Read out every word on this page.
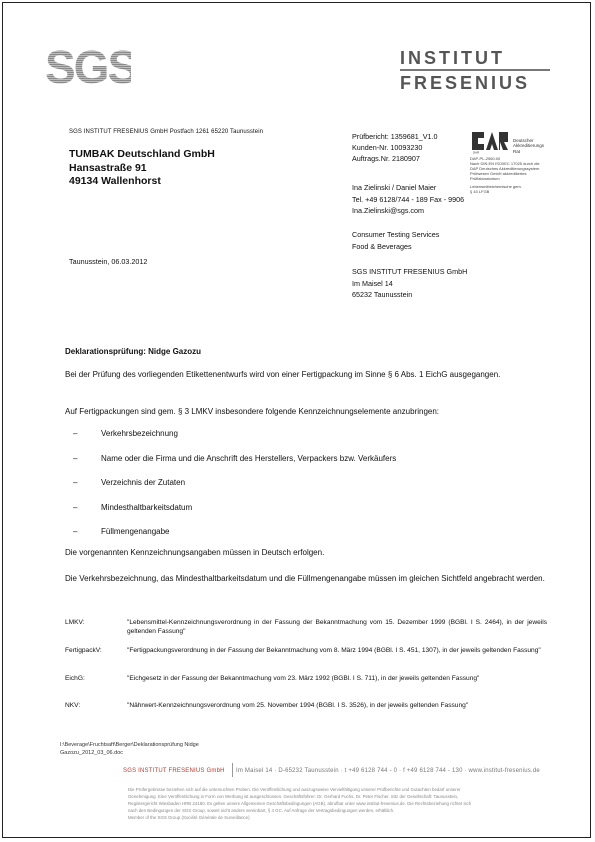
SGS	INSTITUT
FRESENIUS
SGS INSTITUT FRESENIUS GmbH Postfach 1261 65220 Taunusstein
TUMBAK Deutschland GmbH
Hansastraße 91
49134 Wallenhorst
Prüfbericht: 1359681_V1.0
Kunden-Nr. 10093230
Auftrags.Nr. 2180907
DAR
Deutscher
Akkreditierungs
Rat
DAP-PL-2560.00
Nach DIN EN ISO/IEC 17025 durch die
DAP Deutsches Akkreditierungssystem
Prüfwesen GmbH akkreditiertes
Prüflaboratorium
Lebensmittelchemische gem.
§ 43 LFGB
Ina Zielinski / Daniel Maier
Tel. +49 6128/744 - 189 Fax - 9906
Ina.Zielinski@sgs.com
Consumer Testing Services
Food & Beverages
SGS INSTITUT FRESENIUS GmbH
Im Maisel 14
65232 Taunusstein
Taunusstein, 06.03.2012
Deklarationsprüfung: Nidge Gazozu
Bei der Prüfung des vorliegenden Etikettenentwurfs wird von einer Fertigpackung im Sinne § 6 Abs. 1 EichG ausgegangen.
Auf Fertigpackungen sind gem. § 3 LMKV insbesondere folgende Kennzeichnungselemente anzubringen:
–	Verkehrsbezeichnung
–	Name oder die Firma und die Anschrift des Herstellers, Verpackers bzw. Verkäufers
–	Verzeichnis der Zutaten
–	Mindesthaltbarkeitsdatum
–	Füllmengenangabe
Die vorgenannten Kennzeichnungsangaben müssen in Deutsch erfolgen.
Die Verkehrsbezeichnung, das Mindesthaltbarkeitsdatum und die Füllmengenangabe müssen im gleichen Sichtfeld angebracht werden.
LMKV:	"Lebensmittel-Kennzeichnungsverordnung in der Fassung der Bekanntmachung vom 15. Dezember 1999 (BGBl. I S. 2464), in der jeweils geltenden Fassung"
FertigpackV:	"Fertigpackungsverordnung in der Fassung der Bekanntmachung vom 8. März 1994 (BGBl. I S. 451, 1307), in der jeweils geltenden Fassung"
EichG:	"Eichgesetz in der Fassung der Bekanntmachung vom 23. März 1992 (BGBl. I S. 711), in der jeweils geltenden Fassung"
NKV:	"Nährwert-Kennzeichnungsverordnung vom 25. November 1994 (BGBl. I S. 3526), in der jeweils geltenden Fassung"
I:\Beverage\Fruchtsaft\Berger\Deklarationsprüfung Nidge
Gazozu_2012_03_06.doc
SGS INSTITUT FRESENIUS GmbH Im Maisel 14 · D-65232 Taunusstein · t +49 6128 744 - 0 · f +49 6128 744 - 130 · www.institut-fresenius.de
Die Prüfergebnisse beziehen sich auf die untersuchten Proben. Die Veröffentlichung und auszugsweise Vervielfältigung unserer Prüfberichte und Gutachten bedarf unserer
Genehmigung. Eine Veröffentlichung in Form von Werbung ist ausgeschlossen. Geschäftsführer: Dr. Gerhard Fuchs, Dr. Peter Fischer. Sitz der Gesellschaft: Taunusstein,
Registergericht Wiesbaden HRB 24180. Es gelten unsere Allgemeinen Geschäftsbedingungen (AGB), abrufbar unter www.institut-fresenius.de. Die Rechtsbeziehung richtet sich
nach den Bedingungen der SGS Group, soweit nicht anders vereinbart, § 4 GC. Auf Anfrage der Vertragsbedingungen werden, erhältlich.
Member of the SGS Group (Société Générale de Surveillance)
